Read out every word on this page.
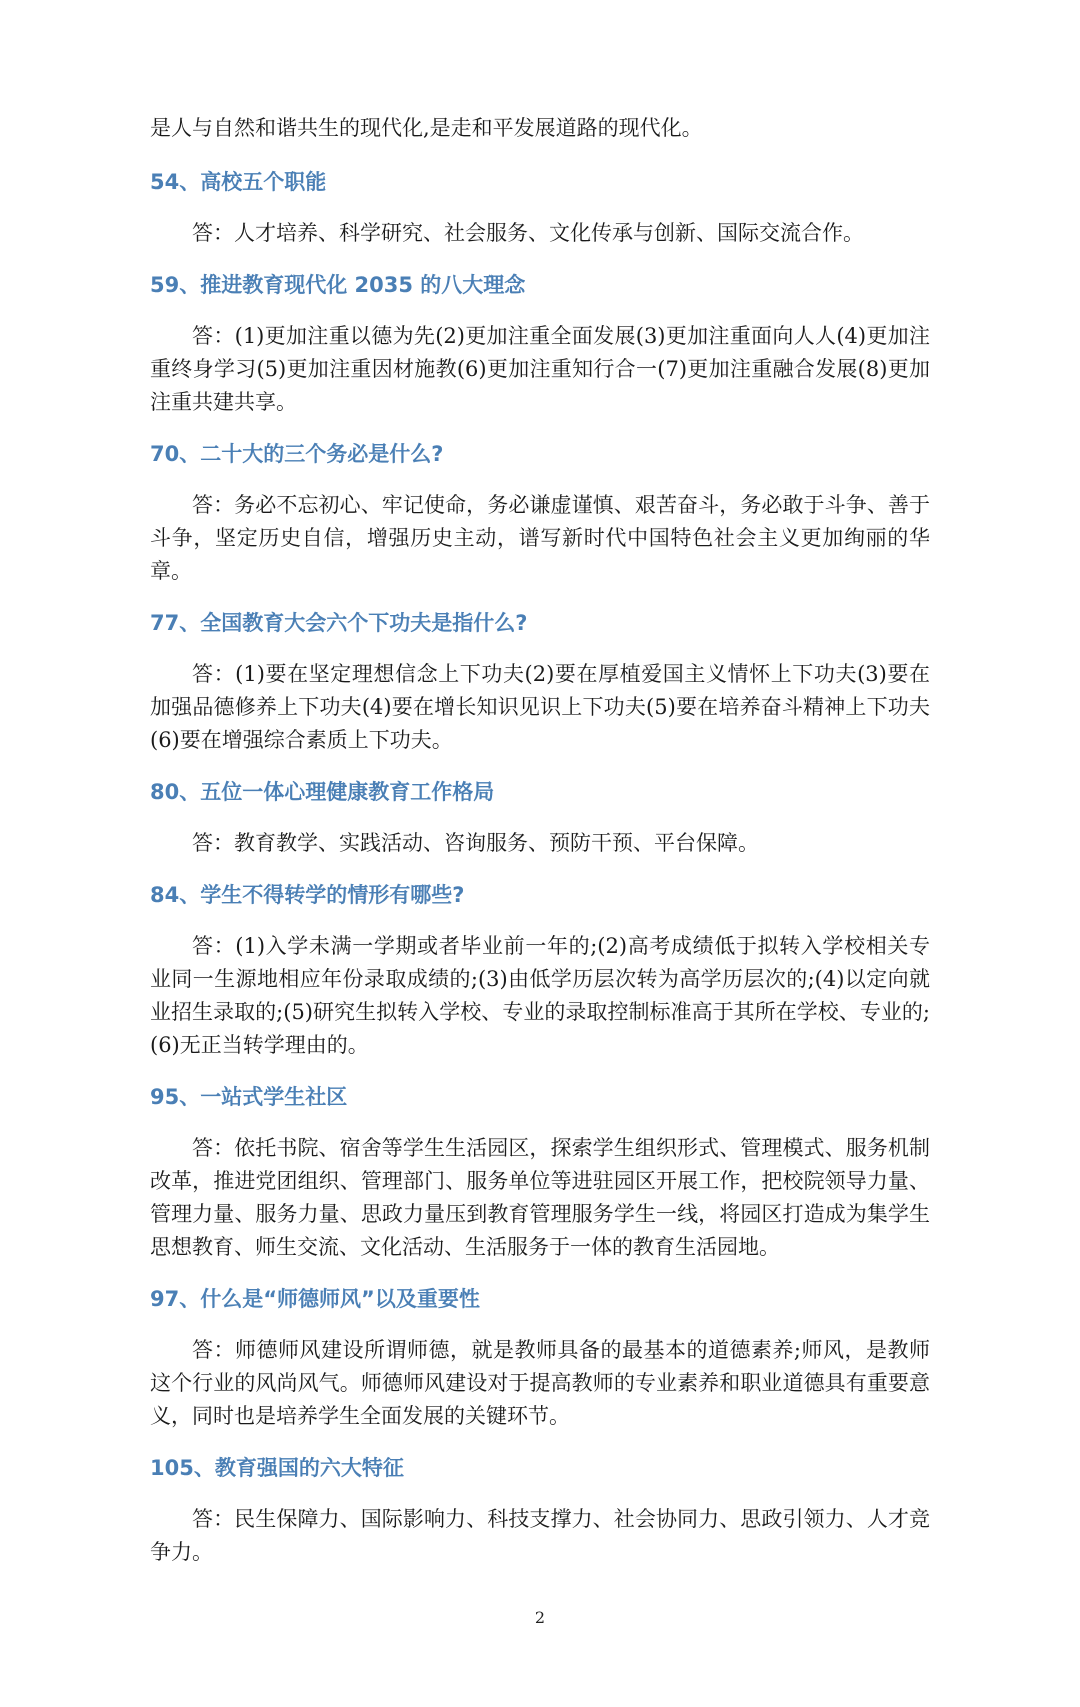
是人与自然和谐共生的现代化,是走和平发展道路的现代化。

54、高校五个职能

答：人才培养、科学研究、社会服务、文化传承与创新、国际交流合作。

59、推进教育现代化 2035 的八大理念

答：(1)更加注重以德为先(2)更加注重全面发展(3)更加注重面向人人(4)更加注重终身学习(5)更加注重因材施教(6)更加注重知行合一(7)更加注重融合发展(8)更加注重共建共享。

70、二十大的三个务必是什么?

答：务必不忘初心、牢记使命，务必谦虚谨慎、艰苦奋斗，务必敢于斗争、善于斗争，坚定历史自信，增强历史主动，谱写新时代中国特色社会主义更加绚丽的华章。

77、全国教育大会六个下功夫是指什么?

答：(1)要在坚定理想信念上下功夫(2)要在厚植爱国主义情怀上下功夫(3)要在加强品德修养上下功夫(4)要在增长知识见识上下功夫(5)要在培养奋斗精神上下功夫(6)要在增强综合素质上下功夫。

80、五位一体心理健康教育工作格局

答：教育教学、实践活动、咨询服务、预防干预、平台保障。

84、学生不得转学的情形有哪些?

答：(1)入学未满一学期或者毕业前一年的;(2)高考成绩低于拟转入学校相关专业同一生源地相应年份录取成绩的;(3)由低学历层次转为高学历层次的;(4)以定向就业招生录取的;(5)研究生拟转入学校、专业的录取控制标准高于其所在学校、专业的;(6)无正当转学理由的。

95、一站式学生社区

答：依托书院、宿舍等学生生活园区，探索学生组织形式、管理模式、服务机制改革，推进党团组织、管理部门、服务单位等进驻园区开展工作，把校院领导力量、管理力量、服务力量、思政力量压到教育管理服务学生一线，将园区打造成为集学生思想教育、师生交流、文化活动、生活服务于一体的教育生活园地。

97、什么是“师德师风”以及重要性

答：师德师风建设所谓师德，就是教师具备的最基本的道德素养;师风，是教师这个行业的风尚风气。师德师风建设对于提高教师的专业素养和职业道德具有重要意义，同时也是培养学生全面发展的关键环节。

105、教育强国的六大特征

答：民生保障力、国际影响力、科技支撑力、社会协同力、思政引领力、人才竞争力。

2
